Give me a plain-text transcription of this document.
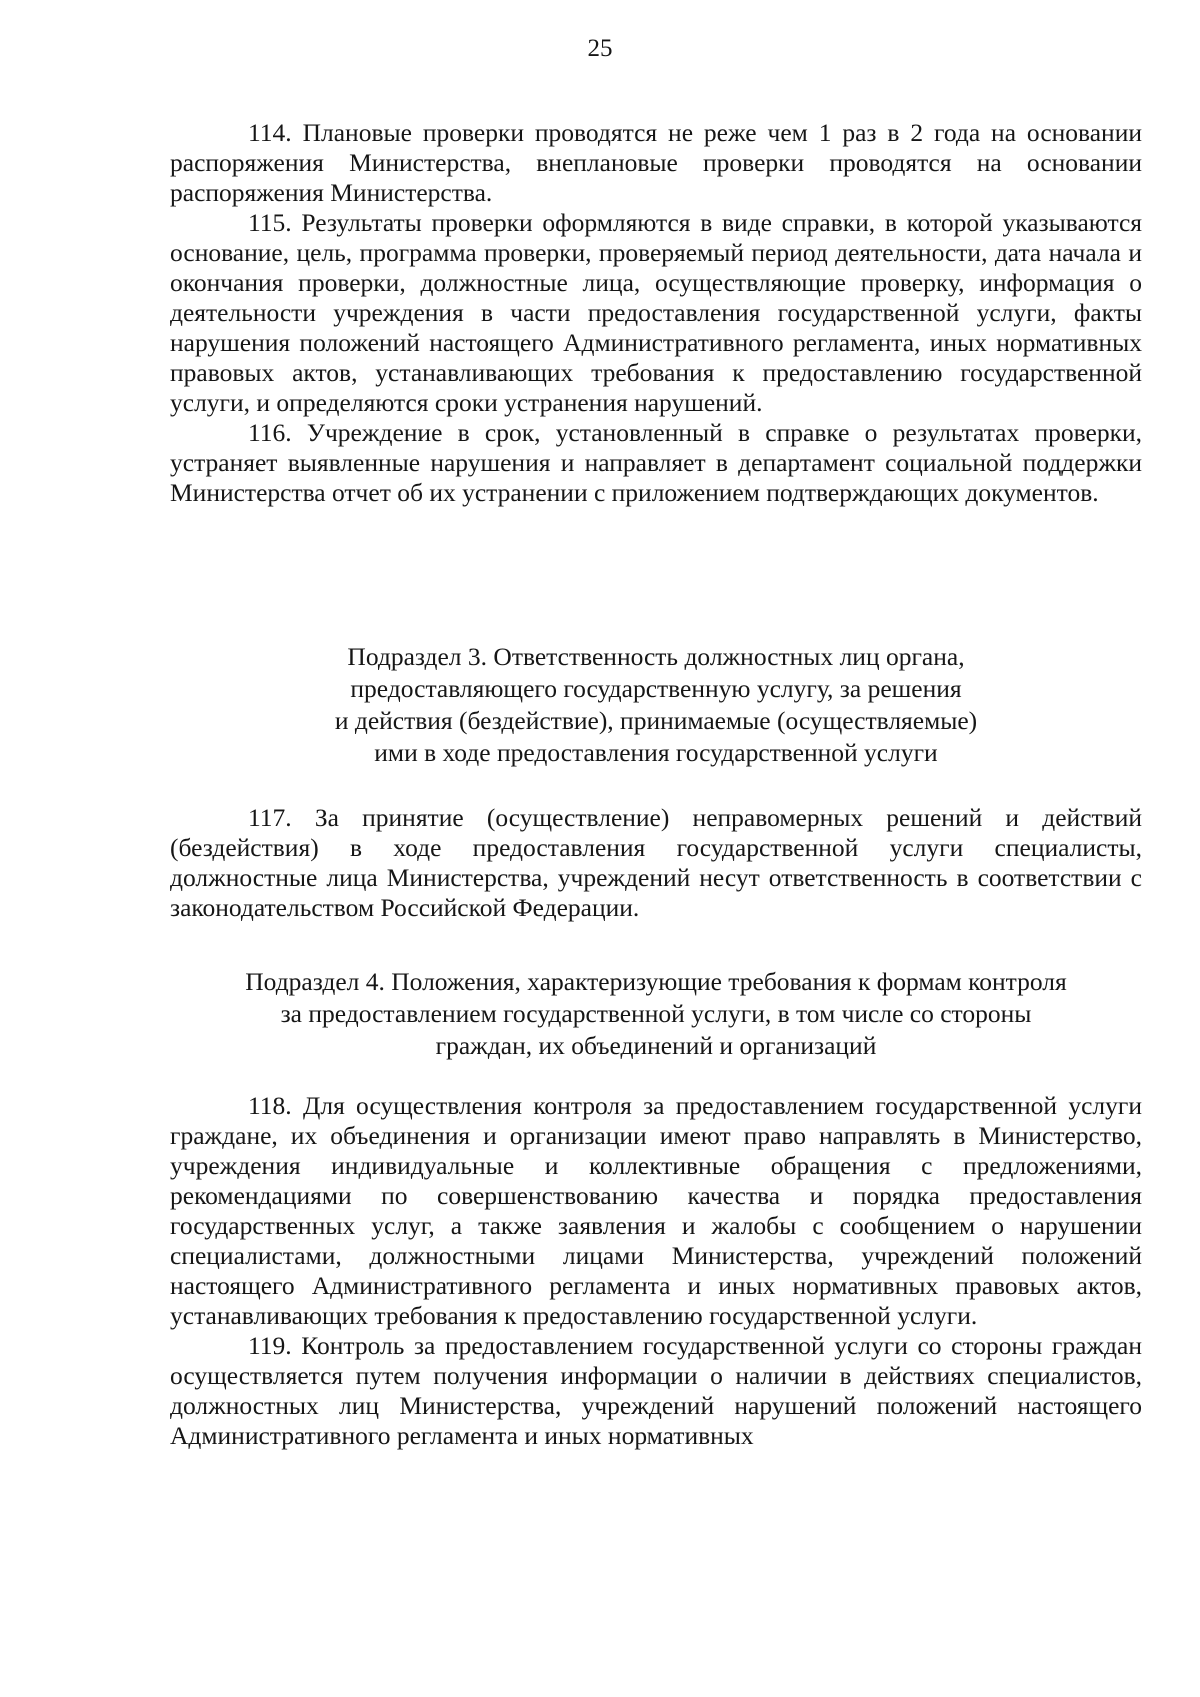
25

114. Плановые проверки проводятся не реже чем 1 раз в 2 года на основании распоряжения Министерства, внеплановые проверки проводятся на основании распоряжения Министерства.

115. Результаты проверки оформляются в виде справки, в которой указываются основание, цель, программа проверки, проверяемый период деятельности, дата начала и окончания проверки, должностные лица, осуществляющие проверку, информация о деятельности учреждения в части предоставления государственной услуги, факты нарушения положений настоящего Административного регламента, иных нормативных правовых актов, устанавливающих требования к предоставлению государственной услуги, и определяются сроки устранения нарушений.

116. Учреждение в срок, установленный в справке о результатах проверки, устраняет выявленные нарушения и направляет в департамент социальной поддержки Министерства отчет об их устранении с приложением подтверждающих документов.

Подраздел 3. Ответственность должностных лиц органа,
предоставляющего государственную услугу, за решения
и действия (бездействие), принимаемые (осуществляемые)
ими в ходе предоставления государственной услуги

117. За принятие (осуществление) неправомерных решений и действий (бездействия) в ходе предоставления государственной услуги специалисты, должностные лица Министерства, учреждений несут ответственность в соответствии с законодательством Российской Федерации.

Подраздел 4. Положения, характеризующие требования к формам контроля
за предоставлением государственной услуги, в том числе со стороны
граждан, их объединений и организаций

118. Для осуществления контроля за предоставлением государственной услуги граждане, их объединения и организации имеют право направлять в Министерство, учреждения индивидуальные и коллективные обращения с предложениями, рекомендациями по совершенствованию качества и порядка предоставления государственных услуг, а также заявления и жалобы с сообщением о нарушении специалистами, должностными лицами Министерства, учреждений положений настоящего Административного регламента и иных нормативных правовых актов, устанавливающих требования к предоставлению государственной услуги.

119. Контроль за предоставлением государственной услуги со стороны граждан осуществляется путем получения информации о наличии в действиях специалистов, должностных лиц Министерства, учреждений нарушений положений настоящего Административного регламента и иных нормативных
